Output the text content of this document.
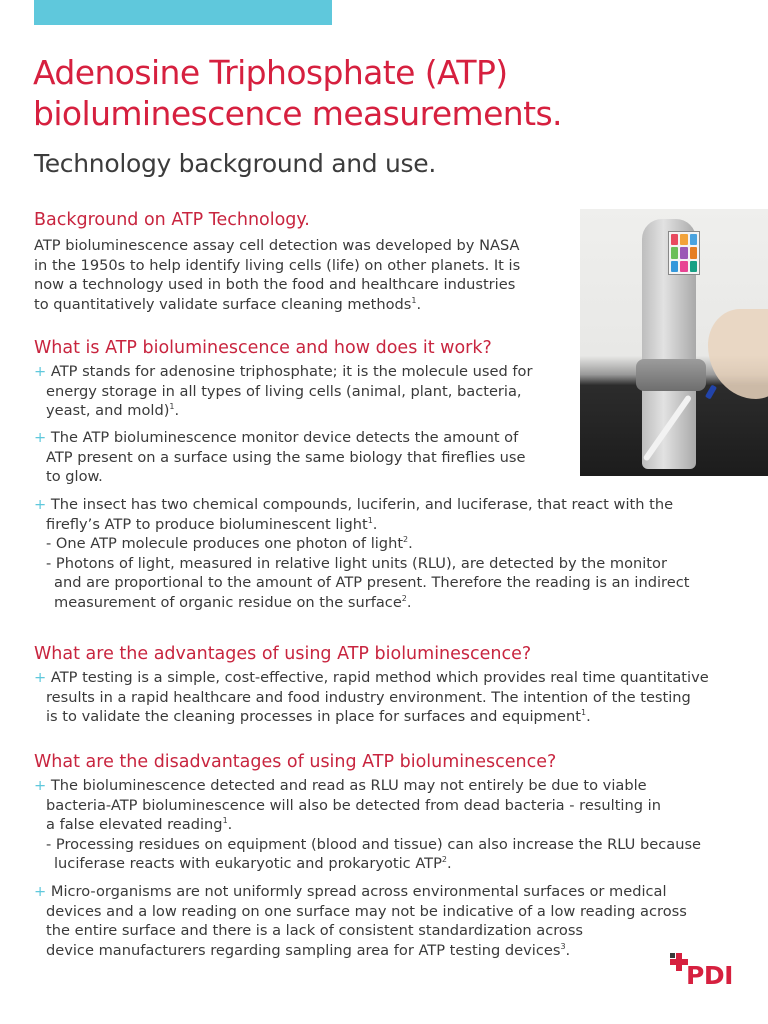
Adenosine Triphosphate (ATP)
bioluminescence measurements.
Technology background and use.
Background on ATP Technology.
ATP bioluminescence assay cell detection was developed by NASA
in the 1950s to help identify living cells (life) on other planets. It is
now a technology used in both the food and healthcare industries
to quantitatively validate surface cleaning methods$^1$.
What is ATP bioluminescence and how does it work?
+ ATP stands for adenosine triphosphate; it is the molecule used for
energy storage in all types of living cells (animal, plant, bacteria,
yeast, and mold)$^1$.
+ The ATP bioluminescence monitor device detects the amount of
ATP present on a surface using the same biology that fireflies use
to glow.
+ The insect has two chemical compounds, luciferin, and luciferase, that react with the
firefly’s ATP to produce bioluminescent light$^1$.
- One ATP molecule produces one photon of light$^2$.
- Photons of light, measured in relative light units (RLU), are detected by the monitor
and are proportional to the amount of ATP present. Therefore the reading is an indirect
measurement of organic residue on the surface$^2$.
What are the advantages of using ATP bioluminescence?
+ ATP testing is a simple, cost-effective, rapid method which provides real time quantitative
results in a rapid healthcare and food industry environment. The intention of the testing
is to validate the cleaning processes in place for surfaces and equipment$^1$.
What are the disadvantages of using ATP bioluminescence?
+ The bioluminescence detected and read as RLU may not entirely be due to viable
bacteria-ATP bioluminescence will also be detected from dead bacteria - resulting in
a false elevated reading$^1$.
- Processing residues on equipment (blood and tissue) can also increase the RLU because
luciferase reacts with eukaryotic and prokaryotic $ATP^2$.
+ Micro-organisms are not uniformly spread across environmental surfaces or medical
devices and a low reading on one surface may not be indicative of a low reading across
the entire surface and there is a lack of consistent standardization across
device manufacturers regarding sampling area for ATP testing devices$^3$.

PDI
